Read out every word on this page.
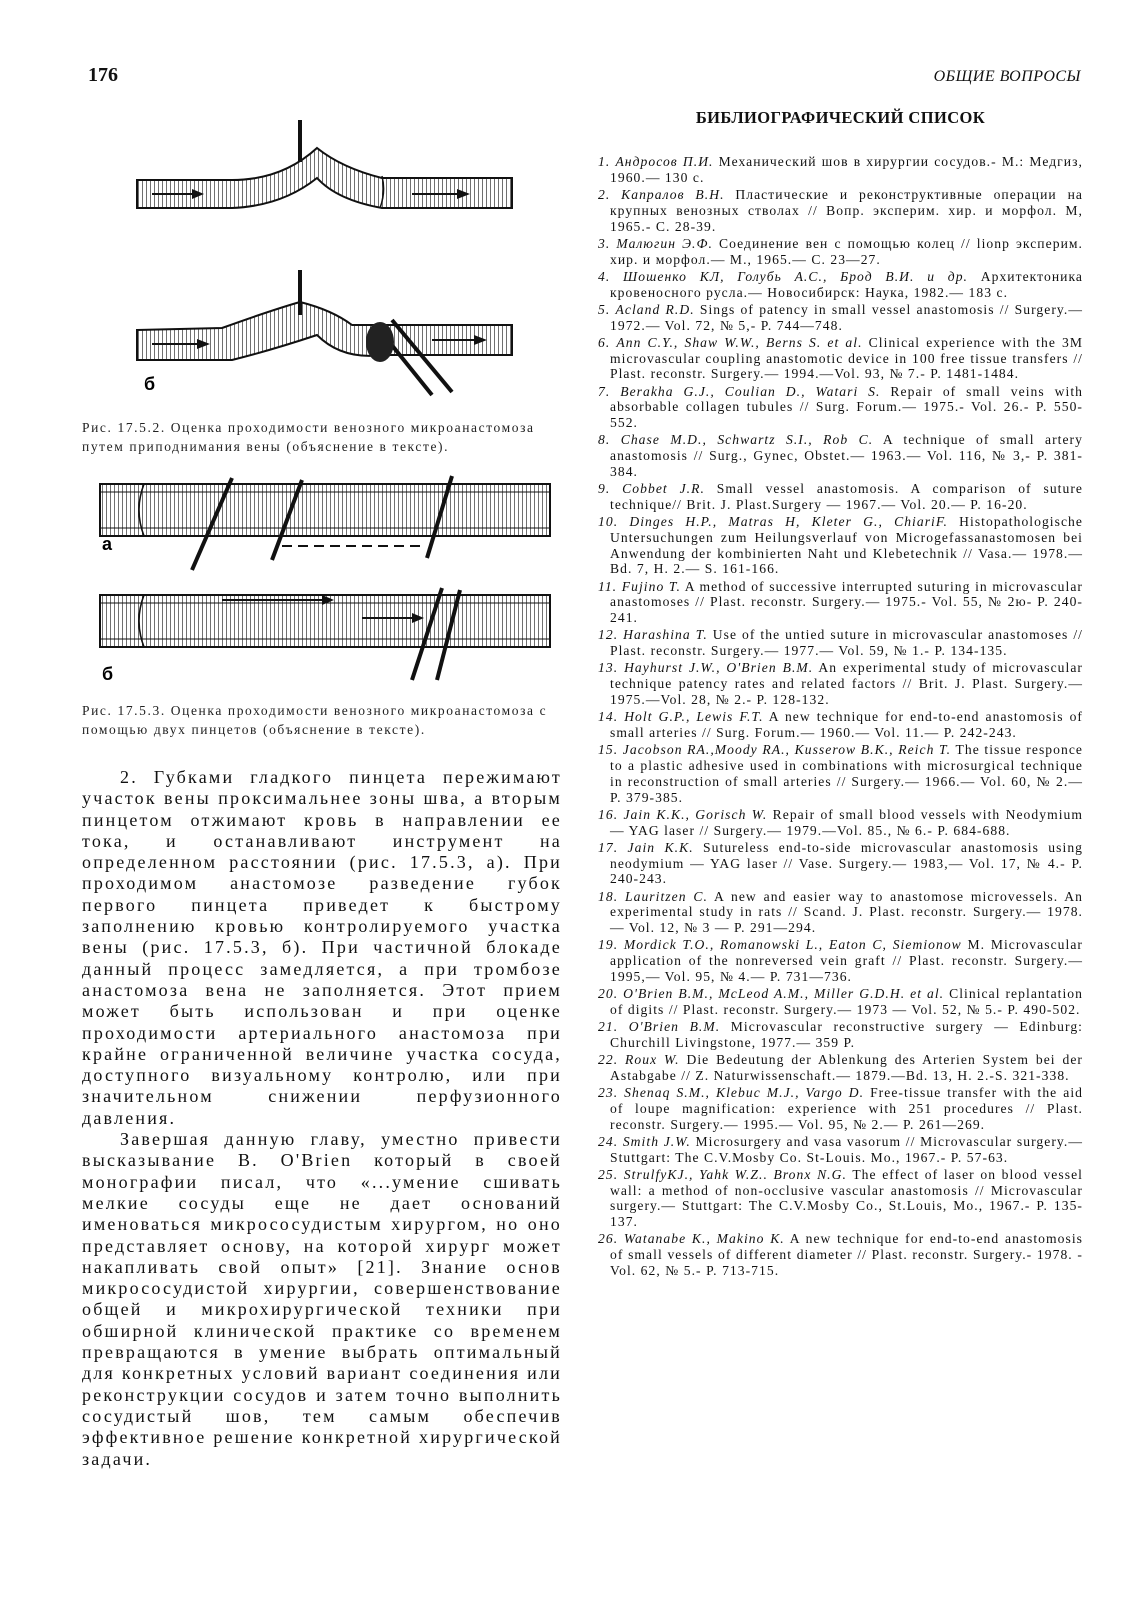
176	ОБЩИЕ ВОПРОСЫ
б
Рис. 17.5.2. Оценка проходимости венозного микроанастомоза путем приподнимания вены (объяснение в тексте).
а
б
Рис. 17.5.3. Оценка проходимости венозного микроанастомоза с помощью двух пинцетов (объяснение в тексте).

2. Губками гладкого пинцета пережимают участок вены проксимальнее зоны шва, а вторым пинцетом отжимают кровь в направлении ее тока, и останавливают инструмент на определенном расстоянии (рис. 17.5.3, а). При проходимом анастомозе разведение губок первого пинцета приведет к быстрому заполнению кровью контролируемого участка вены (рис. 17.5.3, б). При частичной блокаде данный процесс замедляется, а при тромбозе анастомоза вена не заполняется. Этот прием может быть использован и при оценке проходимости артериального анастомоза при крайне ограниченной величине участка сосуда, доступного визуальному контролю, или при значительном снижении перфузионного давления.

Завершая данную главу, уместно привести высказывание B. O'Brien который в своей монографии писал, что «...умение сшивать мелкие сосуды еще не дает оснований именоваться микрососудистым хирургом, но оно представляет основу, на которой хирург может накапливать свой опыт» [21]. Знание основ микрососудистой хирургии, совершенствование общей и микрохирургической техники при обширной клинической практике со временем превращаются в умение выбрать оптимальный для конкретных условий вариант соединения или реконструкции сосудов и затем точно выполнить сосудистый шов, тем самым обеспечив эффективное решение конкретной хирургической задачи.

БИБЛИОГРАФИЧЕСКИЙ СПИСОК
1. Андросов П.И. Механический шов в хирургии сосудов.- М.: Медгиз, 1960.— 130 с.
2. Капралов В.Н. Пластические и реконструктивные операции на крупных венозных стволах // Вопр. эксперим. хир. и морфол. М, 1965.- С. 28-39.
3. Малюгин Э.Ф. Соединение вен с помощью колец // lionp эксперим. хир. и морфол.— М., 1965.— С. 23—27.
4. Шошенко КЛ, Голубь А.С., Брод В.И. и др. Архитектоника кровеносного русла.— Новосибирск: Наука, 1982.— 183 с.
5. Acland R.D. Sings of patency in small vessel anastomosis // Surgery.— 1972.— Vol. 72, № 5,- P. 744—748.
6. Ann C.Y., Shaw W.W., Berns S. et al. Clinical experience with the 3M microvascular coupling anastomotic device in 100 free tissue transfers // Plast. reconstr. Surgery.— 1994.—Vol. 93, № 7.- P. 1481-1484.
7. Berakha G.J., Coulian D., Watari S. Repair of small veins with absorbable collagen tubules // Surg. Forum.— 1975.- Vol. 26.- P. 550-552.
8. Chase M.D., Schwartz S.I., Rob C. A technique of small artery anastomosis // Surg., Gynec, Obstet.— 1963.— Vol. 116, № 3,- P. 381-384.
9. Cobbet J.R. Small vessel anastomosis. A comparison of suture technique// Brit. J. Plast.Surgery — 1967.— Vol. 20.— P. 16-20.
10. Dinges H.P., Matras H, Kleter G., ChiariF. Histopathologische Untersuchungen zum Heilungsverlauf von Microgefassanastomosen bei Anwendung der kombinierten Naht und Klebetechnik // Vasa.— 1978.— Bd. 7, H. 2.— S. 161-166.
11. Fujino T. A method of successive interrupted suturing in microvascular anastomoses // Plast. reconstr. Surgery.— 1975.- Vol. 55, № 2ю- P. 240-241.
12. Harashina T. Use of the untied suture in microvascular anastomoses // Plast. reconstr. Surgery.— 1977.— Vol. 59, № 1.- P. 134-135.
13. Hayhurst J.W., O'Brien B.M. An experimental study of microvascular technique patency rates and related factors // Brit. J. Plast. Surgery.— 1975.—Vol. 28, № 2.- P. 128-132.
14. Holt G.P., Lewis F.T. A new technique for end-to-end anastomosis of small arteries // Surg. Forum.— 1960.— Vol. 11.— P. 242-243.
15. Jacobson RA.,Moody RA., Kusserow B.K., Reich T. The tissue responce to a plastic adhesive used in combinations with microsurgical technique in reconstruction of small arteries // Surgery.— 1966.— Vol. 60, № 2.— P. 379-385.
16. Jain K.K., Gorisch W. Repair of small blood vessels with Neodymium — YAG laser // Surgery.— 1979.—Vol. 85., № 6.- P. 684-688.
17. Jain K.K. Sutureless end-to-side microvascular anastomosis using neodymium — YAG laser // Vase. Surgery.— 1983,— Vol. 17, № 4.- P. 240-243.
18. Lauritzen C. A new and easier way to anastomose microvessels. An experimental study in rats // Scand. J. Plast. reconstr. Surgery.— 1978.— Vol. 12, № 3 — P. 291—294.
19. Mordick T.O., Romanowski L., Eaton C, Siemionow M. Microvascular application of the nonreversed vein graft // Plast. reconstr. Surgery.— 1995,— Vol. 95, № 4.— P. 731—736.
20. O'Brien B.M., McLeod A.M., Miller G.D.H. et al. Clinical replantation of digits // Plast. reconstr. Surgery.— 1973 — Vol. 52, № 5.- P. 490-502.
21. O'Brien B.M. Microvascular reconstructive surgery — Edinburg: Churchill Livingstone, 1977.— 359 P.
22. Roux W. Die Bedeutung der Ablenkung des Arterien System bei der Astabgabe // Z. Naturwissenschaft.— 1879.—Bd. 13, H. 2.-S. 321-338.
23. Shenaq S.M., Klebuc M.J., Vargo D. Free-tissue transfer with the aid of loupe magnification: experience with 251 procedures // Plast. reconstr. Surgery.— 1995.— Vol. 95, № 2.— P. 261—269.
24. Smith J.W. Microsurgery and vasa vasorum // Microvascular surgery.— Stuttgart: The C.V.Mosby Co. St-Louis. Mo., 1967.- P. 57-63.
25. StrulfyKJ., Yahk W.Z.. Bronx N.G. The effect of laser on blood vessel wall: a method of non-occlusive vascular anastomosis // Microvascular surgery.— Stuttgart: The C.V.Mosby Co., St.Louis, Mo., 1967.- P. 135-137.
26. Watanabe K., Makino K. A new technique for end-to-end anastomosis of small vessels of different diameter // Plast. reconstr. Surgery.- 1978. - Vol. 62, № 5.- P. 713-715.
